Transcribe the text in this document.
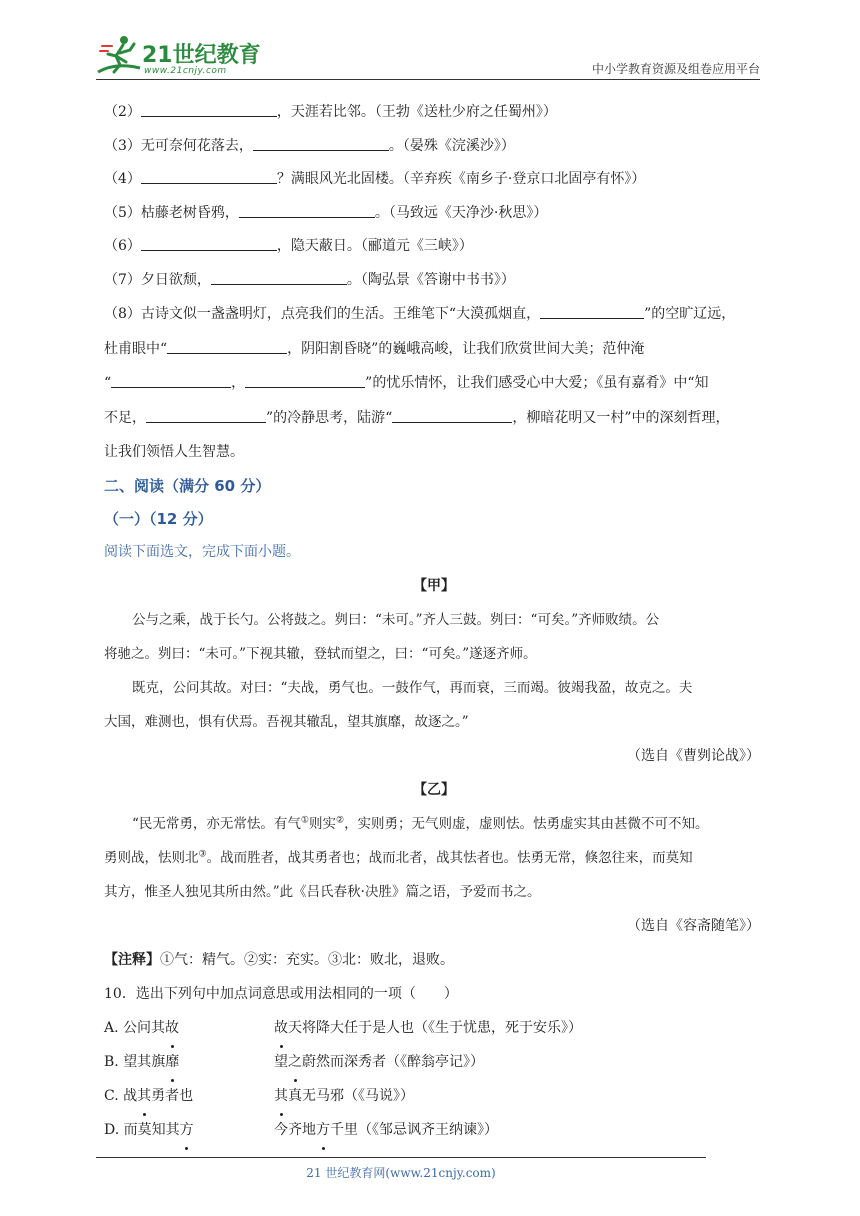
21世纪教育
www.21cnjy.com	中小学教育资源及组卷应用平台
（2）	，天涯若比邻。（王勃《送杜少府之任蜀州》）
（3）无可奈何花落去，	。（晏殊《浣溪沙》）
（4）	？满眼风光北固楼。（辛弃疾《南乡子·登京口北固亭有怀》）
（5）枯藤老树昏鸦，	。（马致远《天净沙·秋思》）
（6）	，隐天蔽日。（郦道元《三峡》）
（7）夕日欲颓，	。（陶弘景《答谢中书书》）
（8）古诗文似一盏盏明灯，点亮我们的生活。王维笔下“大漠孤烟直，	”的空旷辽远，
杜甫眼中“	，阴阳割昏晓”的巍峨高峻，让我们欣赏世间大美；范仲淹
“	，	”的忧乐情怀，让我们感受心中大爱；《虽有嘉肴》中“知
不足，	”的冷静思考，陆游“	，柳暗花明又一村”中的深刻哲理，
让我们领悟人生智慧。
二、阅读（满分 60 分）
（一）（12 分）
阅读下面选文，完成下面小题。
【甲】
公与之乘，战于长勺。公将鼓之。刿曰：“未可。”齐人三鼓。刿曰：“可矣。”齐师败绩。公
将驰之。刿曰：“未可。”下视其辙，登轼而望之，曰：“可矣。”遂逐齐师。
既克，公问其故。对曰：“夫战，勇气也。一鼓作气，再而衰，三而竭。彼竭我盈，故克之。夫
大国，难测也，惧有伏焉。吾视其辙乱，望其旗靡，故逐之。”
（选自《曹刿论战》）
【乙】
“民无常勇，亦无常怯。有气①则实②，实则勇；无气则虚，虚则怯。怯勇虚实其由甚微不可不知。
勇则战，怯则北③。战而胜者，战其勇者也；战而北者，战其怯者也。怯勇无常，倏忽往来，而莫知
其方，惟圣人独见其所由然。”此《吕氏春秋·决胜》篇之语，予爱而书之。
（选自《容斋随笔》）
【注释】①气：精气。②实：充实。③北：败北，退败。
10．选出下列句中加点词意思或用法相同的一项（　　）
A. 公问其故	故天将降大任于是人也（《生于忧患，死于安乐》）
B. 望其旗靡	望之蔚然而深秀者（《醉翁亭记》）
C. 战其勇者也	其真无马邪（《马说》）
D. 而莫知其方	今齐地方千里（《邹忌讽齐王纳谏》）
21 世纪教育网(www.21cnjy.com)
